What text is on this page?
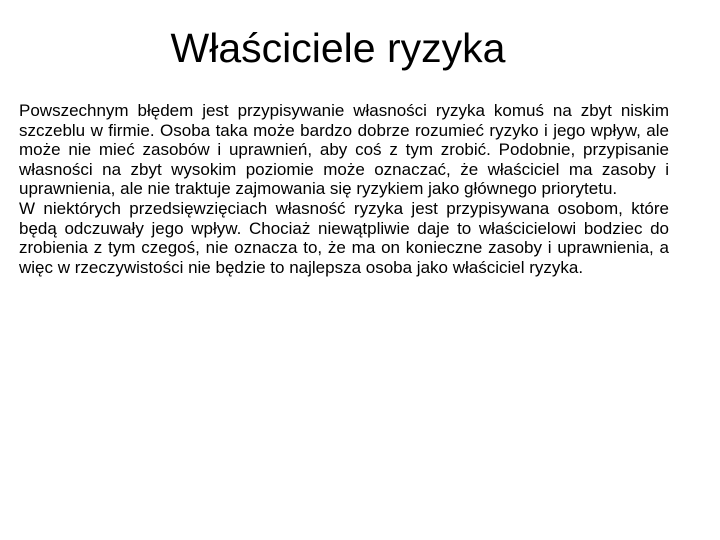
Właściciele ryzyka

Powszechnym błędem jest przypisywanie własności ryzyka komuś na zbyt niskim szczeblu w firmie. Osoba taka może bardzo dobrze rozumieć ryzyko i jego wpływ, ale może nie mieć zasobów i uprawnień, aby coś z tym zrobić. Podobnie, przypisanie własności na zbyt wysokim poziomie może oznaczać, że właściciel ma zasoby i uprawnienia, ale nie traktuje zajmowania się ryzykiem jako głównego priorytetu.

W niektórych przedsięwzięciach własność ryzyka jest przypisywana osobom, które będą odczuwały jego wpływ. Chociaż niewątpliwie daje to właścicielowi bodziec do zrobienia z tym czegoś, nie oznacza to, że ma on konieczne zasoby i uprawnienia, a więc w rzeczywistości nie będzie to najlepsza osoba jako właściciel ryzyka.
